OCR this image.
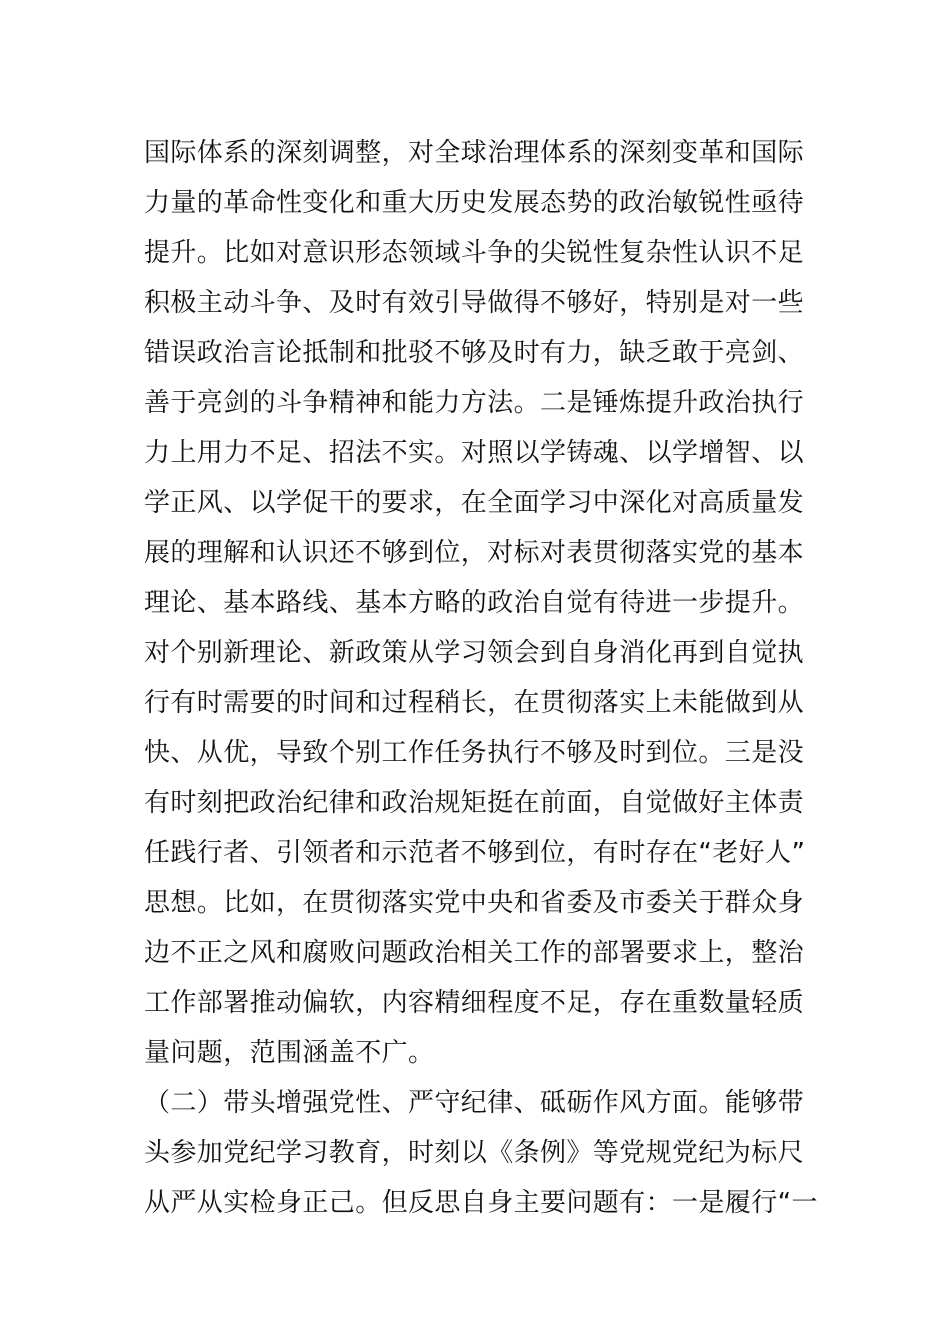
国际体系的深刻调整，对全球治理体系的深刻变革和国际
力量的革命性变化和重大历史发展态势的政治敏锐性亟待
提升。比如对意识形态领域斗争的尖锐性复杂性认识不足
积极主动斗争、及时有效引导做得不够好，特别是对一些
错误政治言论抵制和批驳不够及时有力，缺乏敢于亮剑、
善于亮剑的斗争精神和能力方法。二是锤炼提升政治执行
力上用力不足、招法不实。对照以学铸魂、以学增智、以
学正风、以学促干的要求，在全面学习中深化对高质量发
展的理解和认识还不够到位，对标对表贯彻落实党的基本
理论、基本路线、基本方略的政治自觉有待进一步提升。
对个别新理论、新政策从学习领会到自身消化再到自觉执
行有时需要的时间和过程稍长，在贯彻落实上未能做到从
快、从优，导致个别工作任务执行不够及时到位。三是没
有时刻把政治纪律和政治规矩挺在前面，自觉做好主体责
任践行者、引领者和示范者不够到位，有时存在“老好人”
思想。比如，在贯彻落实党中央和省委及市委关于群众身
边不正之风和腐败问题政治相关工作的部署要求上，整治
工作部署推动偏软，内容精细程度不足，存在重数量轻质
量问题，范围涵盖不广。
（二）带头增强党性、严守纪律、砥砺作风方面。能够带
头参加党纪学习教育，时刻以《条例》等党规党纪为标尺
从严从实检身正己。但反思自身主要问题有：一是履行“一
